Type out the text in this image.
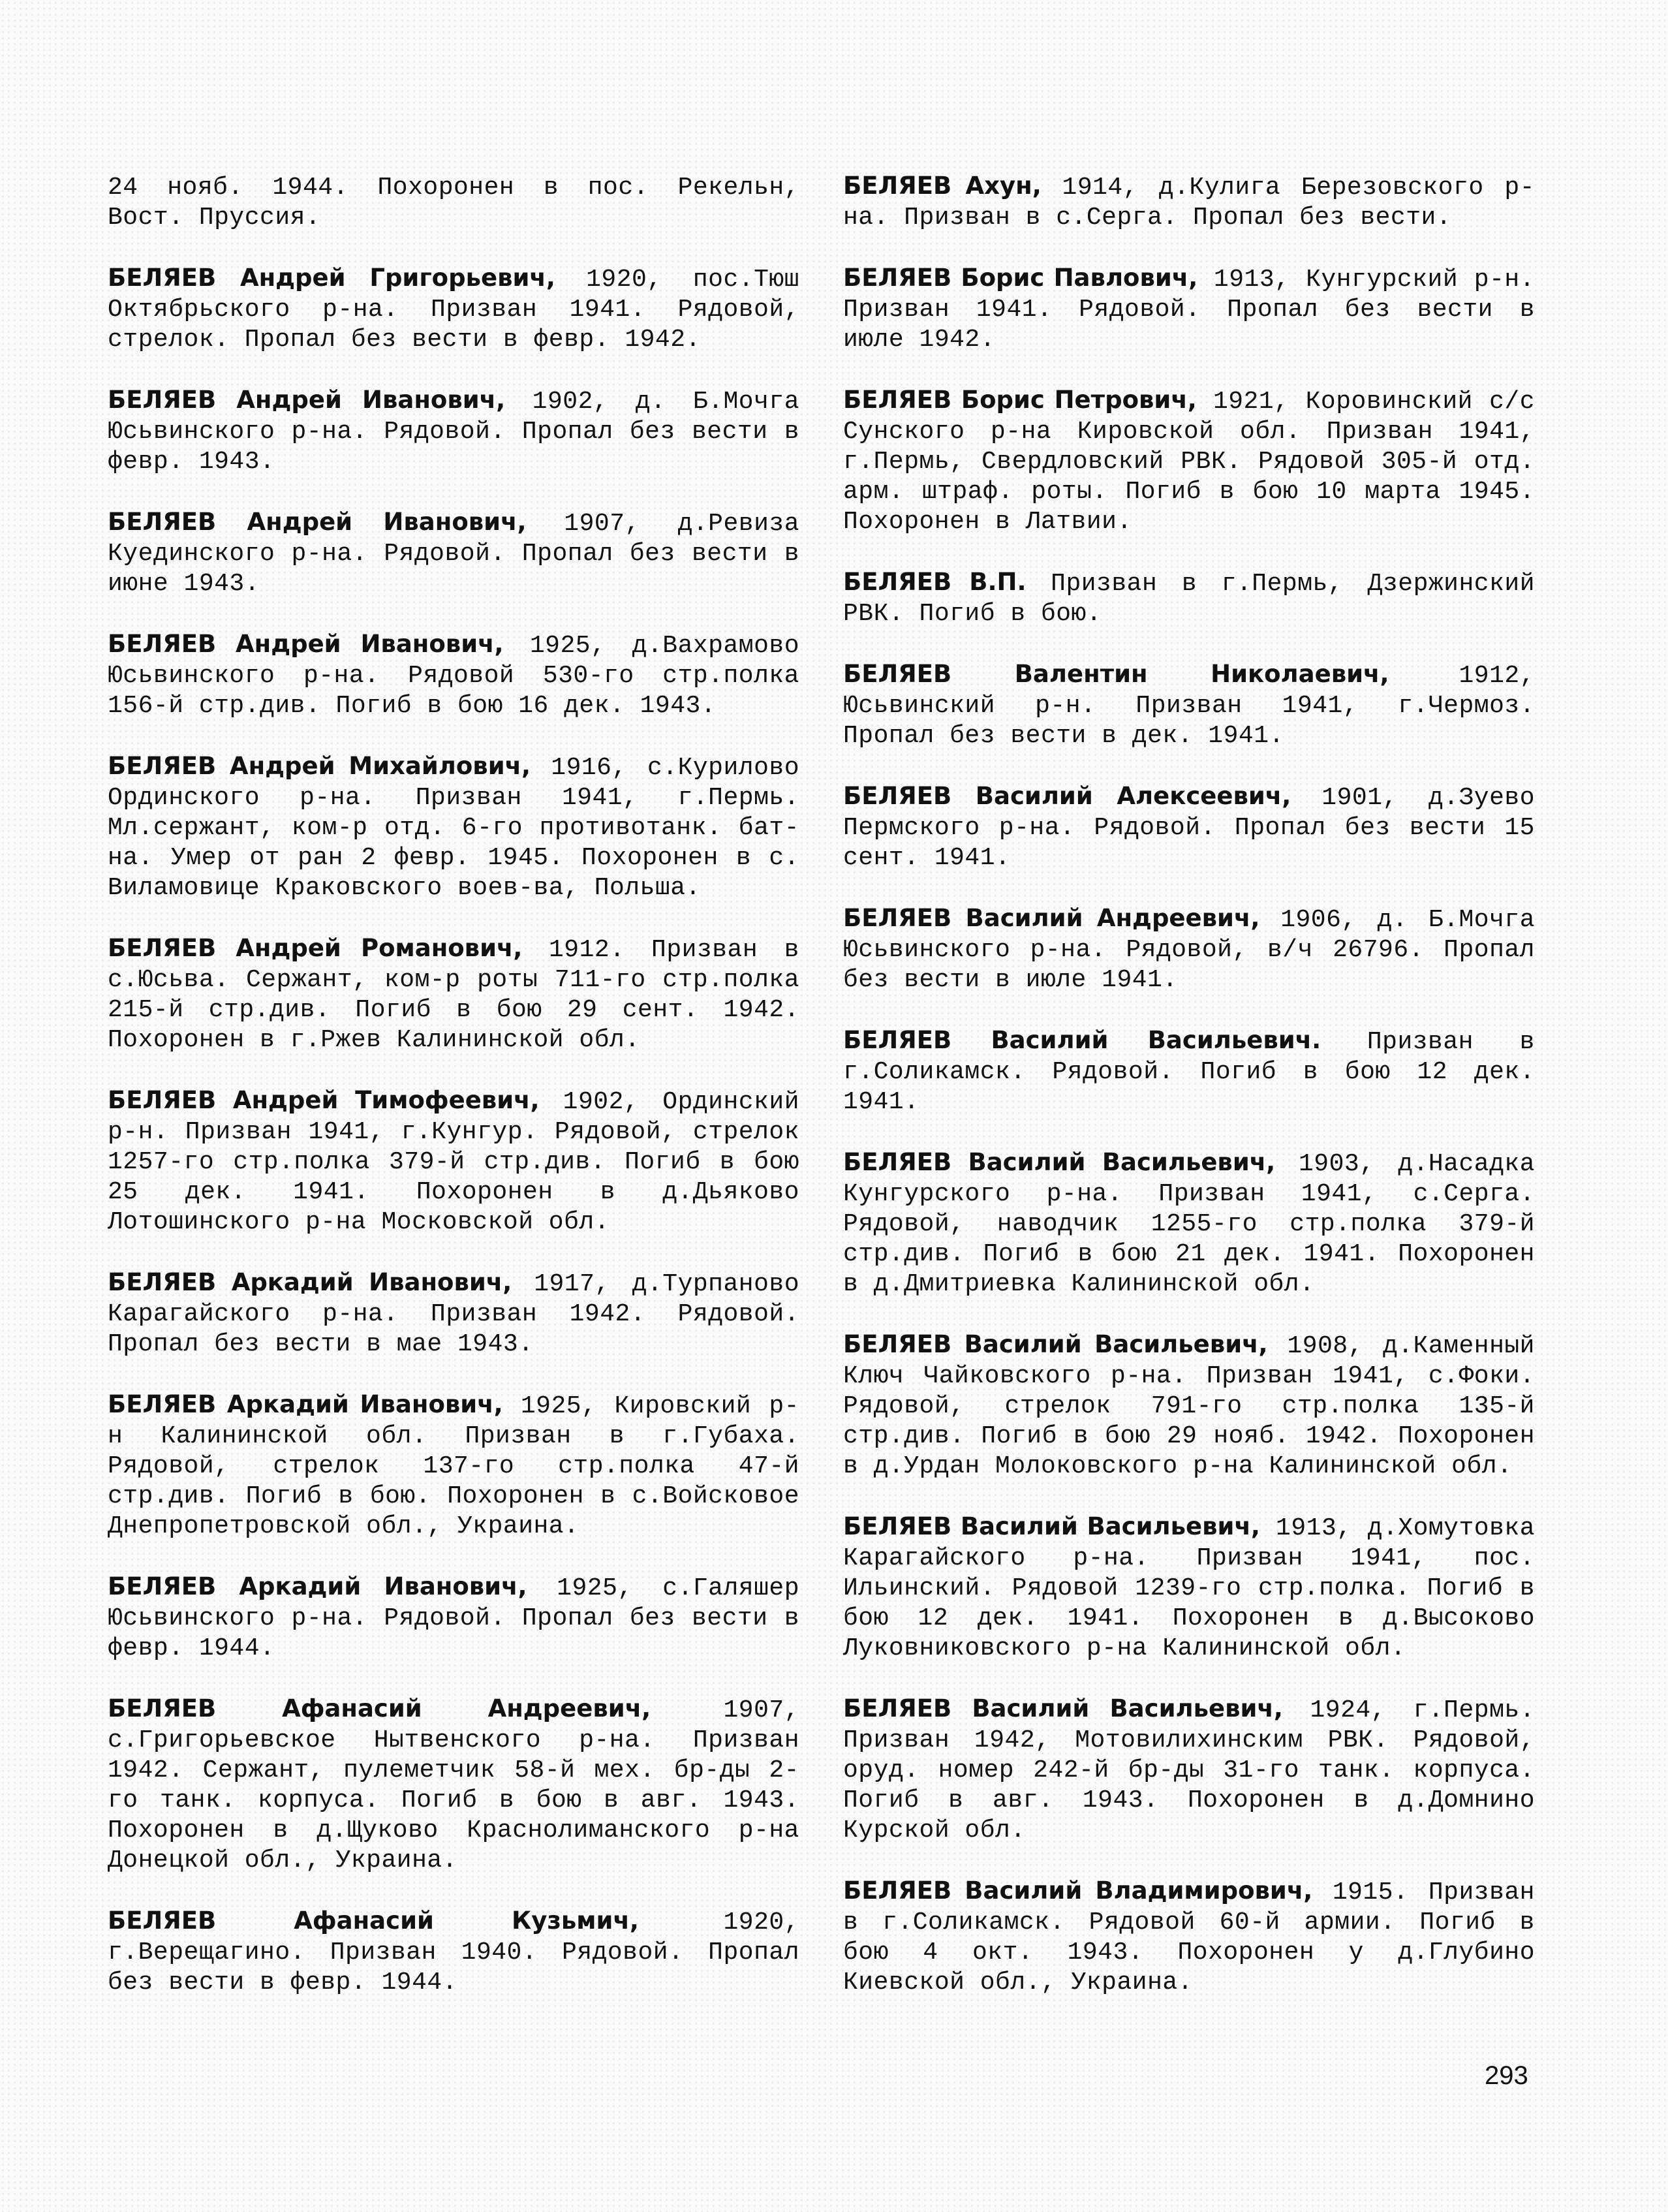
24 нояб. 1944. Похоронен в пос. Рекельн, Вост. Пруссия.

БЕЛЯЕВ Андрей Григорьевич, 1920, пос.Тюш Октябрьского р-на. Призван 1941. Рядовой, стрелок. Пропал без вести в февр. 1942.

БЕЛЯЕВ Андрей Иванович, 1902, д. Б.Мочга Юсьвинского р-на. Рядовой. Пропал без вести в февр. 1943.

БЕЛЯЕВ Андрей Иванович, 1907, д.Ревиза Куединского р-на. Рядовой. Пропал без вести в июне 1943.

БЕЛЯЕВ Андрей Иванович, 1925, д.Вахрамово Юсьвинского р-на. Рядовой 530-го стр.полка 156-й стр.див. Погиб в бою 16 дек. 1943.

БЕЛЯЕВ Андрей Михайлович, 1916, с.Курилово Ординского р-на. Призван 1941, г.Пермь. Мл.сержант, ком-р отд. 6-го противотанк. бат-на. Умер от ран 2 февр. 1945. Похоронен в с. Виламовице Краковского воев-ва, Польша.

БЕЛЯЕВ Андрей Романович, 1912. Призван в с.Юсьва. Сержант, ком-р роты 711-го стр.полка 215-й стр.див. Погиб в бою 29 сент. 1942. Похоронен в г.Ржев Калининской обл.

БЕЛЯЕВ Андрей Тимофеевич, 1902, Ординский р-н. Призван 1941, г.Кунгур. Рядовой, стрелок 1257-го стр.полка 379-й стр.див. Погиб в бою 25 дек. 1941. Похоронен в д.Дьяково Лотошинского р-на Московской обл.

БЕЛЯЕВ Аркадий Иванович, 1917, д.Турпаново Карагайского р-на. Призван 1942. Рядовой. Пропал без вести в мае 1943.

БЕЛЯЕВ Аркадий Иванович, 1925, Кировский р-н Калининской обл. Призван в г.Губаха. Рядовой, стрелок 137-го стр.полка 47-й стр.див. Погиб в бою. Похоронен в с.Войсковое Днепропетровской обл., Украина.

БЕЛЯЕВ Аркадий Иванович, 1925, с.Галяшер Юсьвинского р-на. Рядовой. Пропал без вести в февр. 1944.

БЕЛЯЕВ Афанасий Андреевич, 1907, с.Григорьевское Нытвенского р-на. Призван 1942. Сержант, пулеметчик 58-й мех. бр-ды 2-го танк. корпуса. Погиб в бою в авг. 1943. Похоронен в д.Щуково Краснолиманского р-на Донецкой обл., Украина.

БЕЛЯЕВ Афанасий Кузьмич, 1920, г.Верещагино. Призван 1940. Рядовой. Пропал без вести в февр. 1944.

БЕЛЯЕВ Ахун, 1914, д.Кулига Березовского р-на. Призван в с.Серга. Пропал без вести.

БЕЛЯЕВ Борис Павлович, 1913, Кунгурский р-н. Призван 1941. Рядовой. Пропал без вести в июле 1942.

БЕЛЯЕВ Борис Петрович, 1921, Коровинский с/с Сунского р-на Кировской обл. Призван 1941, г.Пермь, Свердловский РВК. Рядовой 305-й отд. арм. штраф. роты. Погиб в бою 10 марта 1945. Похоронен в Латвии.

БЕЛЯЕВ В.П. Призван в г.Пермь, Дзержинский РВК. Погиб в бою.

БЕЛЯЕВ Валентин Николаевич, 1912, Юсьвинский р-н. Призван 1941, г.Чермоз. Пропал без вести в дек. 1941.

БЕЛЯЕВ Василий Алексеевич, 1901, д.Зуево Пермского р-на. Рядовой. Пропал без вести 15 сент. 1941.

БЕЛЯЕВ Василий Андреевич, 1906, д. Б.Мочга Юсьвинского р-на. Рядовой, в/ч 26796. Пропал без вести в июле 1941.

БЕЛЯЕВ Василий Васильевич. Призван в г.Соликамск. Рядовой. Погиб в бою 12 дек. 1941.

БЕЛЯЕВ Василий Васильевич, 1903, д.Насадка Кунгурского р-на. Призван 1941, с.Серга. Рядовой, наводчик 1255-го стр.полка 379-й стр.див. Погиб в бою 21 дек. 1941. Похоронен в д.Дмитриевка Калининской обл.

БЕЛЯЕВ Василий Васильевич, 1908, д.Каменный Ключ Чайковского р-на. Призван 1941, с.Фоки. Рядовой, стрелок 791-го стр.полка 135-й стр.див. Погиб в бою 29 нояб. 1942. Похоронен в д.Урдан Молоковского р-на Калининской обл.

БЕЛЯЕВ Василий Васильевич, 1913, д.Хомутовка Карагайского р-на. Призван 1941, пос. Ильинский. Рядовой 1239-го стр.полка. Погиб в бою 12 дек. 1941. Похоронен в д.Высоково Луковниковского р-на Калининской обл.

БЕЛЯЕВ Василий Васильевич, 1924, г.Пермь. Призван 1942, Мотовилихинским РВК. Рядовой, оруд. номер 242-й бр-ды 31-го танк. корпуса. Погиб в авг. 1943. Похоронен в д.Домнино Курской обл.

БЕЛЯЕВ Василий Владимирович, 1915. Призван в г.Соликамск. Рядовой 60-й армии. Погиб в бою 4 окт. 1943. Похоронен у д.Глубино Киевской обл., Украина.

293
